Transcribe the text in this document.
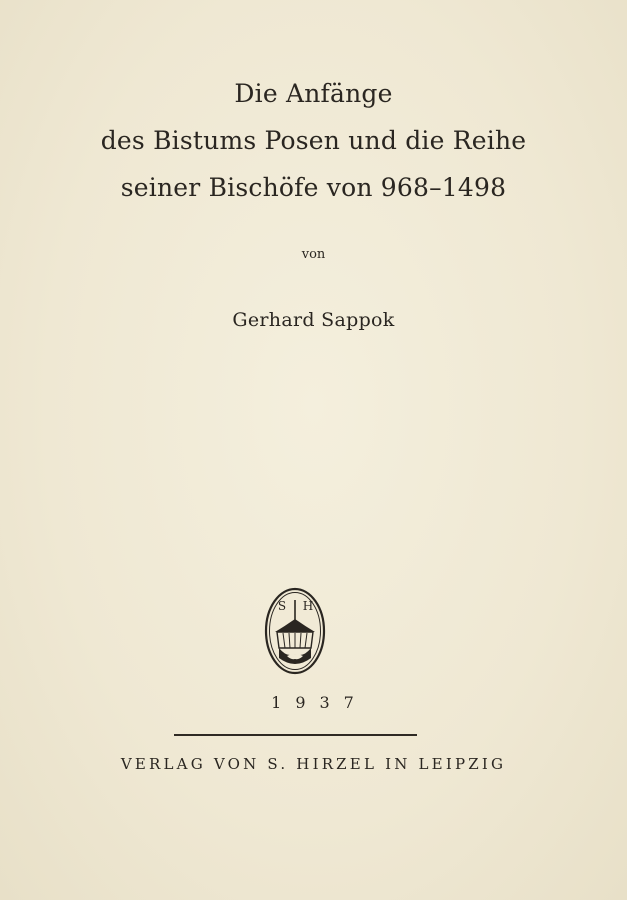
Die Anfänge
des Bistums Posen und die Reihe
seiner Bischöfe von 968–1498
von
Gerhard Sappok
S H
1937
VERLAG VON S. HIRZEL IN LEIPZIG
